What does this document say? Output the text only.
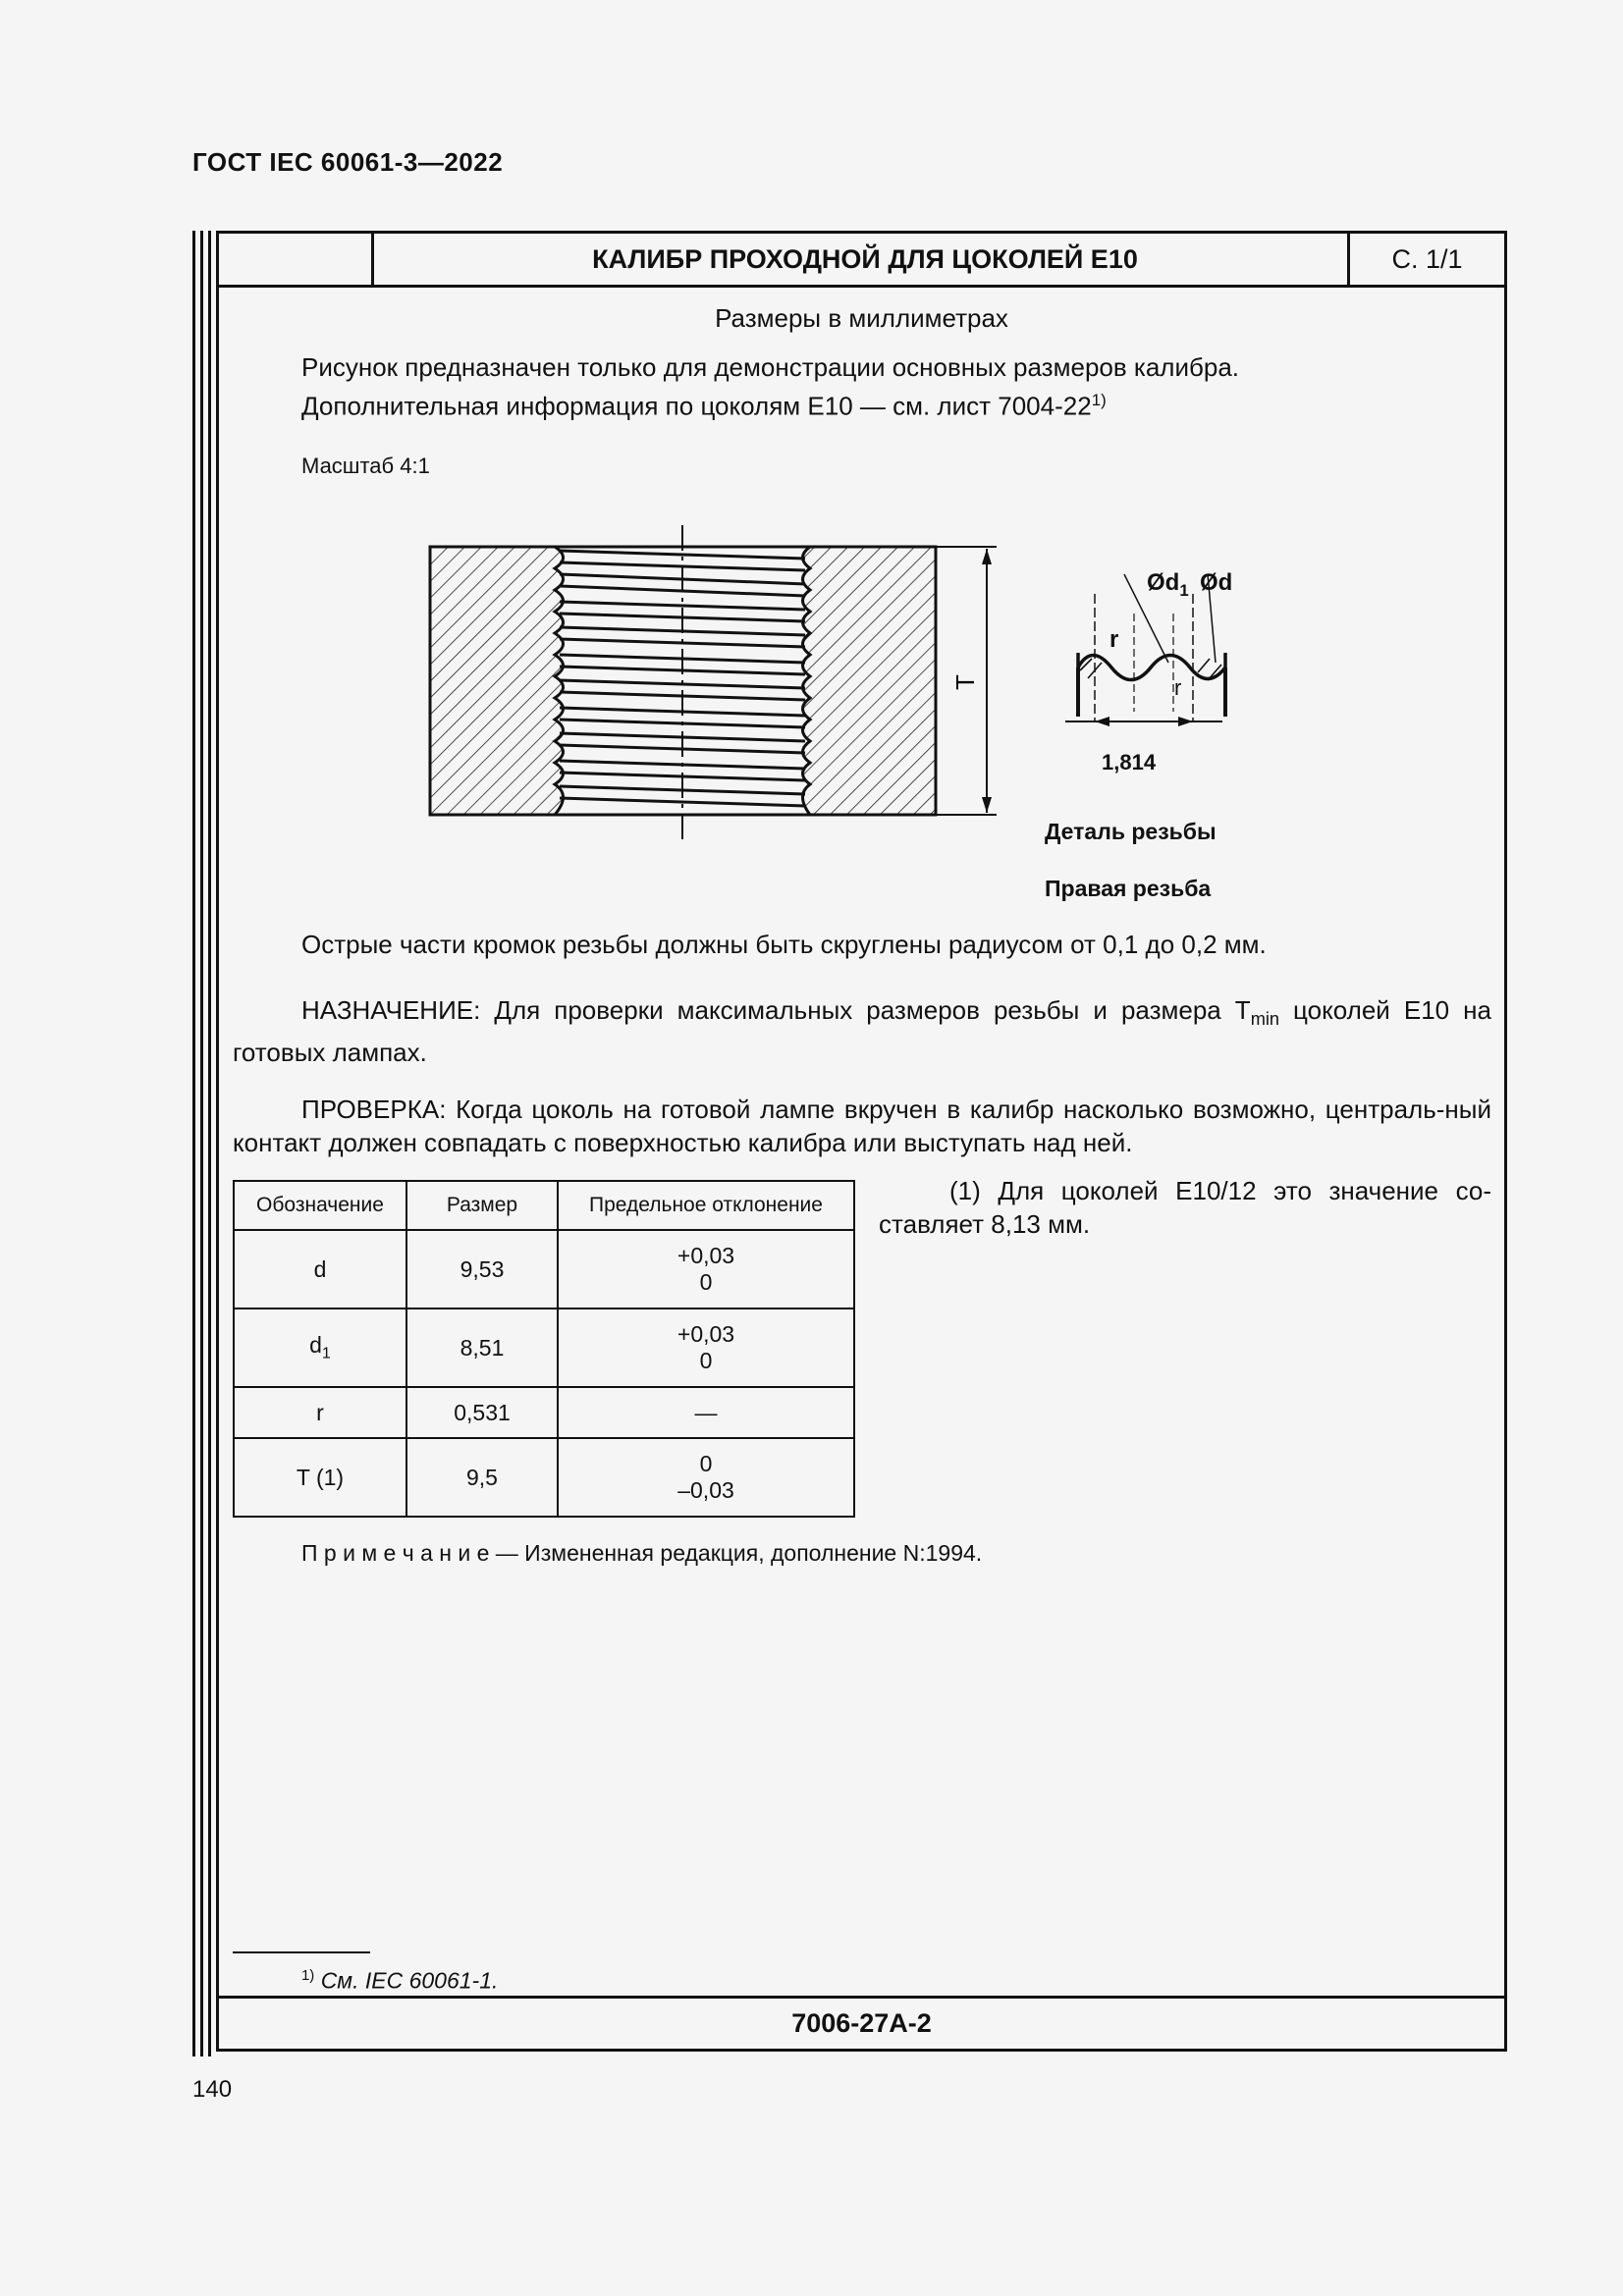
ГОСТ IEC 60061-3—2022
КАЛИБР ПРОХОДНОЙ ДЛЯ ЦОКОЛЕЙ Е10	С. 1/1
7006-27А-2
Размеры в миллиметрах
Рисунок предназначен только для демонстрации основных размеров калибра.
Дополнительная информация по цоколям Е10 — см. лист 7004-22$^{1)}$
Масштаб 4:1
T
$Ød_1$ Ød
r
r
1,814
Деталь резьбы
Правая резьба
Острые части кромок резьбы должны быть скруглены радиусом от 0,1 до 0,2 мм.
НАЗНАЧЕНИЕ: Для проверки максимальных размеров резьбы и размера $T_{min}$ цоколей Е10 на готовых лампах.
ПРОВЕРКА: Когда цоколь на готовой лампе вкручен в калибр насколько возможно, централь-ный контакт должен совпадать с поверхностью калибра или выступать над ней.
Обозначение	Размер	Предельное отклонение
d	9,53	+0,03
0

$d_1$	8,51	+0,03
0

r	0,531	—
T (1)	9,5	0
–0,03
(1) Для цоколей Е10/12 это значение со-ставляет 8,13 мм.
П р и м е ч а н и е — Измененная редакция, дополнение N:1994.
$^{1)}$ См. IEC 60061-1.
140
